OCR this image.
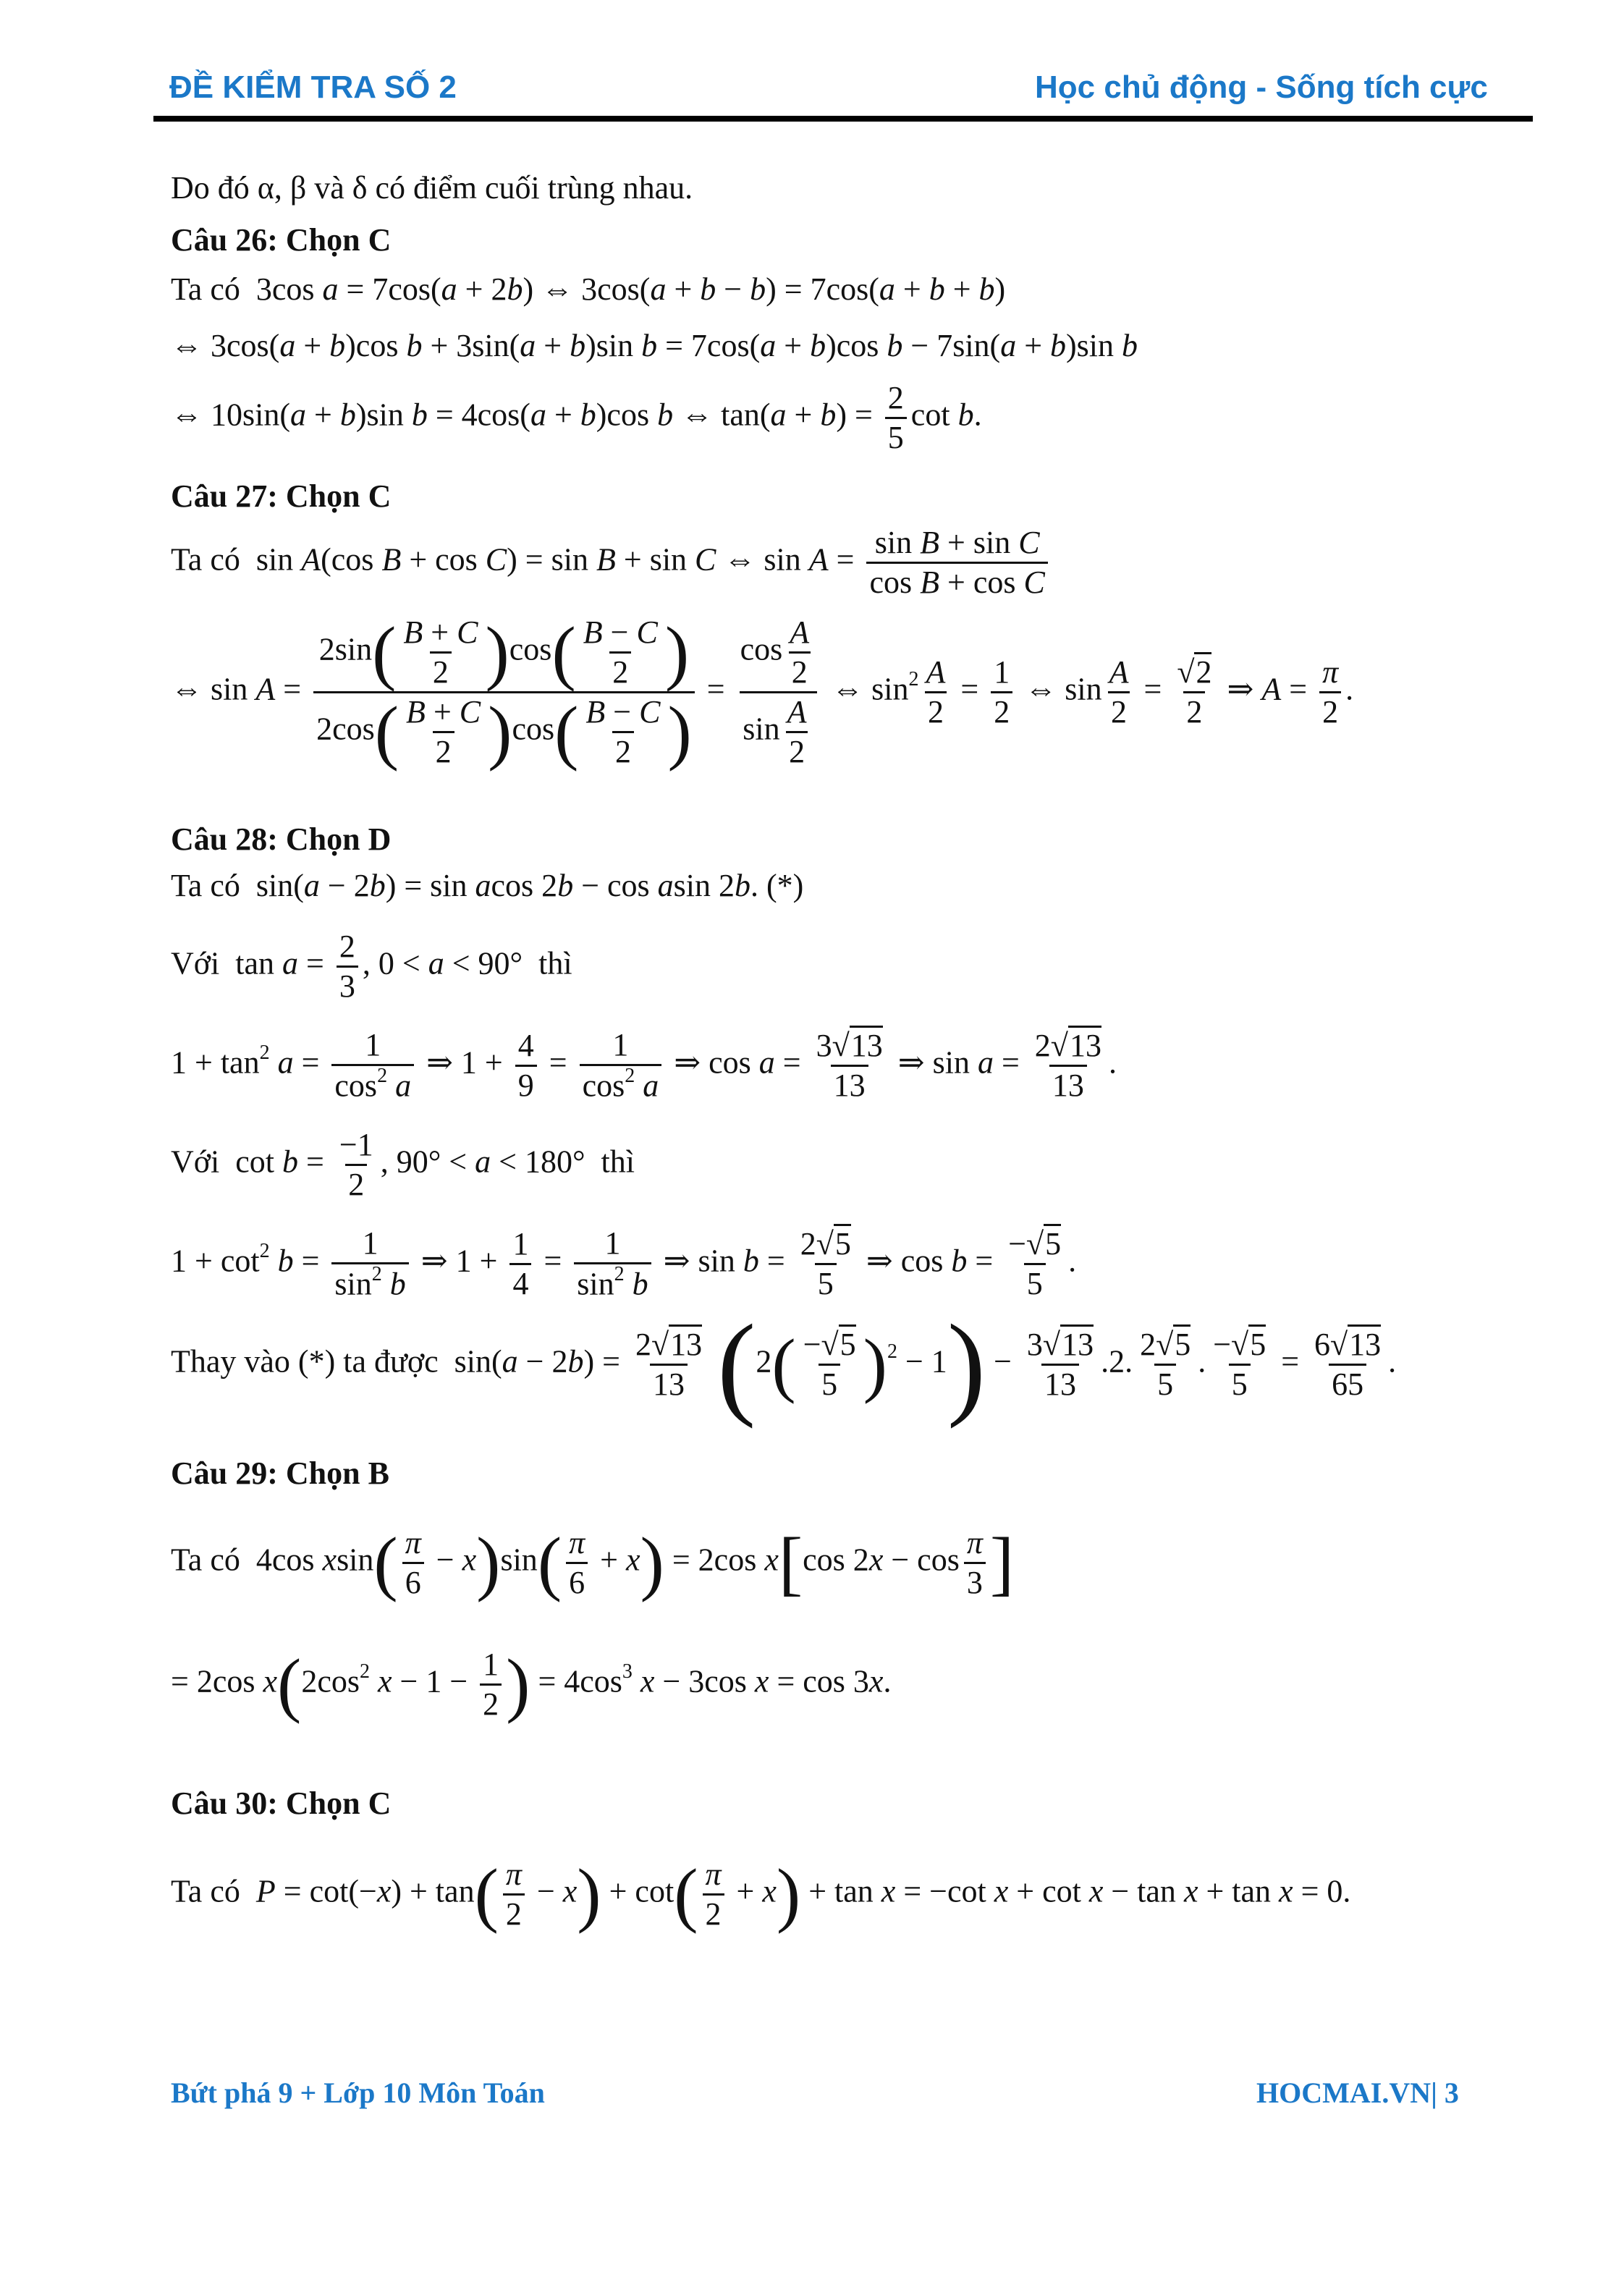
ĐỀ KIỂM TRA SỐ 2	Học chủ động - Sống tích cực
Do đó α, β và δ có điểm cuối trùng nhau.
Câu 26: Chọn C
Ta có  3cos a = 7cos(a + 2b) ⇔ 3cos(a + b − b) = 7cos(a + b + b)
⇔ 3cos(a + b)cos b + 3sin(a + b)sin b = 7cos(a + b)cos b − 7sin(a + b)sin b
⇔ 10sin(a + b)sin b = 4cos(a + b)cos b ⇔ $\tan(a + b) = \frac{2}{5}$ cot b.
Câu 27: Chọn C
Ta có  sin A(cos B + cos C) = sin B + sin C ⇔ $\sin A = \frac{\text{sin B + sin C}}{\text{cos B + cos C}}$
⇔ $\sin A = \frac{2\sin( \frac{B + C}{2} )\cos( \frac{B - C}{2} )}{2\cos( \frac{B + C}{2} )\cos( \frac{B - C}{2} )} = \frac{\cos \frac{A}{2}}{\sin \frac{A}{2}}$ ⇔ $\sin^2 \frac{A}{2} = \frac{1}{2}$ ⇔ $\sin \frac{A}{2} = \frac{√2}{2}$ ⇒ $A = \frac{\pi}{2}$ .
Câu 28: Chọn D
Ta có  sin(a − 2b) = sin acos 2b − cos asin 2b. (*)
Với  $\tan a = \frac{2}{3}$ , 0 < a < 90°  thì
$1 + \tan^2 a = \frac{1}{\cos^2 a}$ ⇒ $1 + \frac{4}{9} = \frac{1}{\cos^2 a}$ ⇒ $\cos a = \frac{3√13}{13}$ ⇒ $\sin a = \frac{2√13}{13}$ .
Với  $\cot b = \frac{-1}{2}$ , 90° < a < 180°  thì
$1 + \cot^2 b = \frac{1}{\sin^2 b}$ ⇒ $1 + \frac{1}{4} = \frac{1}{\sin^2 b}$ ⇒ $\sin b = \frac{2√5}{5}$ ⇒ $\cos b = \frac{-√5}{5}$ .
Thay vào (*) ta được  $\sin(a - 2b) = \frac{2√13}{13} (2( \frac{-√5}{5} )^2 - 1) - \frac{3√13}{13} .2$. $\frac{2√5}{5}$ . $\frac{-√5}{5} = \frac{6√13}{65}$ .
Câu 29: Chọn B
Ta có  4cos $xsin( \frac{\pi}{6} - x)\sin( \frac{\pi}{6} + x) = 2\cos$ x[cos $2x - \cos \frac{\pi}{3}$ ]
= 2cos $x(2\cos^2$ $x - 1 - \frac{1}{2}$ ) = $4\cos^3$ x − 3cos x = cos 3x.
Câu 30: Chọn C
Ta có $P = \cot(-x) + \tan( \frac{\pi}{2} - x) + \cot( \frac{\pi}{2} + x) + \tan x = -\cot$ x + cot x − tan x + tan x = 0.
Bứt phá 9 + Lớp 10 Môn Toán	HOCMAI.VN| 3
